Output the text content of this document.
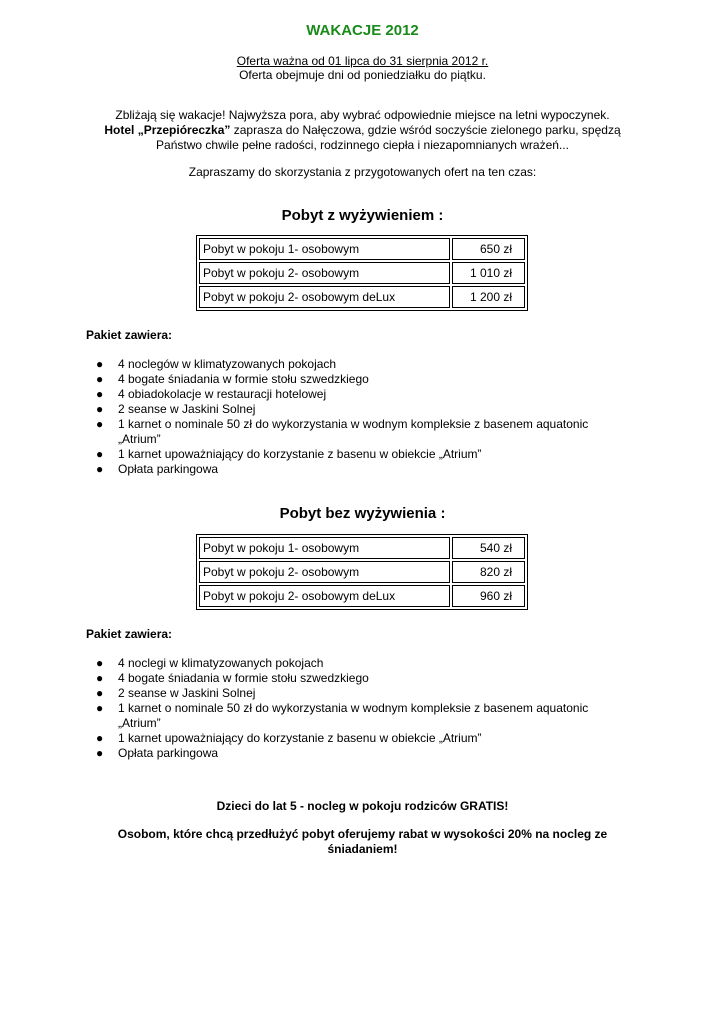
WAKACJE 2012
Oferta ważna od 01 lipca do 31 sierpnia 2012 r.
Oferta obejmuje dni od poniedziałku do piątku.
Zbliżają się wakacje! Najwyższa pora, aby wybrać odpowiednie miejsce na letni wypoczynek.
Hotel „Przepióreczka” zaprasza do Nałęczowa, gdzie wśród soczyście zielonego parku, spędzą
Państwo chwile pełne radości, rodzinnego ciepła i niezapomnianych wrażeń...
Zapraszamy do skorzystania z przygotowanych ofert na ten czas:
Pobyt z wyżywieniem :
Pobyt w pokoju 1- osobowym	650 zł
Pobyt w pokoju 2- osobowym	1 010 zł
Pobyt w pokoju 2- osobowym deLux	1 200 zł
Pakiet zawiera:
● 4 noclegów w klimatyzowanych pokojach
● 4 bogate śniadania w formie stołu szwedzkiego
● 4 obiadokolacje w restauracji hotelowej
● 2 seanse w Jaskini Solnej
● 1 karnet o nominale 50 zł do wykorzystania w wodnym kompleksie z basenem aquatonic „Atrium”
● 1 karnet upoważniający do korzystanie z basenu w obiekcie „Atrium”
● Opłata parkingowa
Pobyt bez wyżywienia :
Pobyt w pokoju 1- osobowym	540 zł
Pobyt w pokoju 2- osobowym	820 zł
Pobyt w pokoju 2- osobowym deLux	960 zł
Pakiet zawiera:
● 4 noclegi w klimatyzowanych pokojach
● 4 bogate śniadania w formie stołu szwedzkiego
● 2 seanse w Jaskini Solnej
● 1 karnet o nominale 50 zł do wykorzystania w wodnym kompleksie z basenem aquatonic „Atrium”
● 1 karnet upoważniający do korzystanie z basenu w obiekcie „Atrium”
● Opłata parkingowa
Dzieci do lat 5 - nocleg w pokoju rodziców GRATIS!
Osobom, które chcą przedłużyć pobyt oferujemy rabat w wysokości 20% na nocleg ze śniadaniem!
